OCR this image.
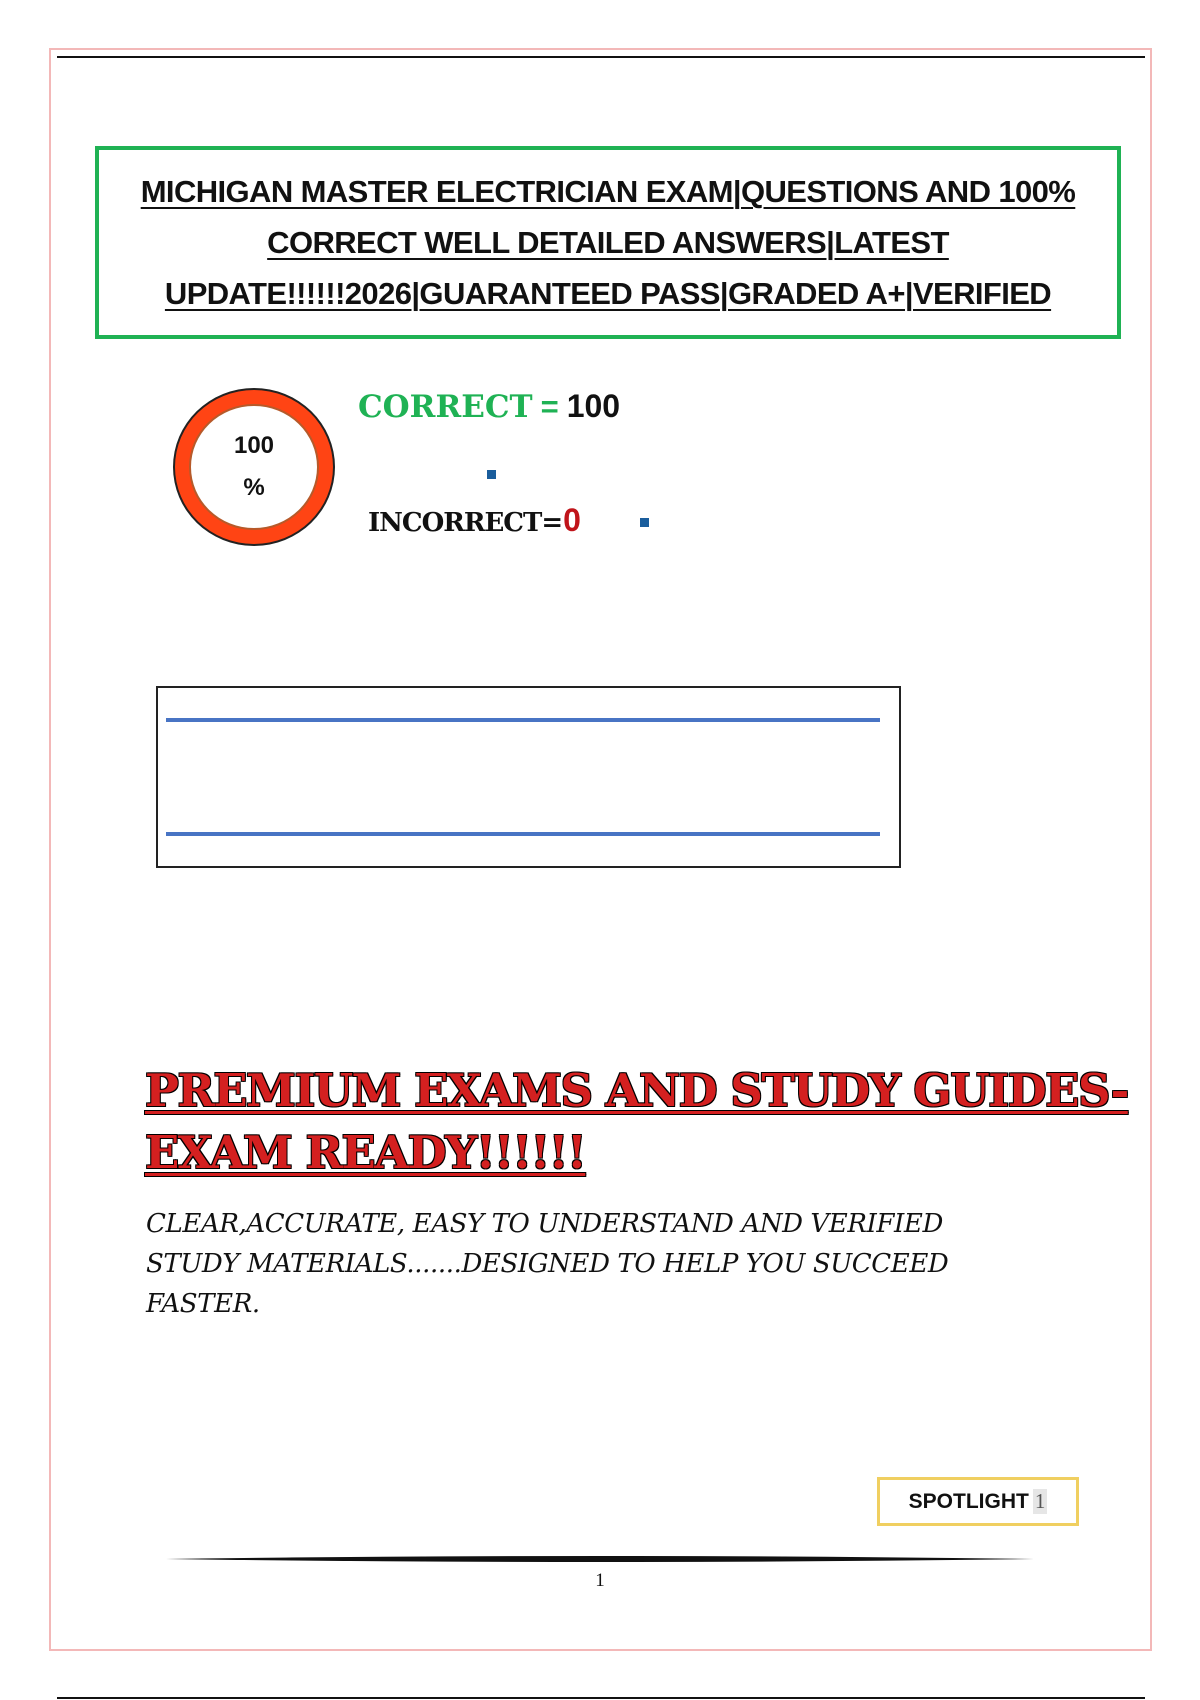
MICHIGAN MASTER ELECTRICIAN EXAM|QUESTIONS AND 100%
CORRECT WELL DETAILED ANSWERS|LATEST
UPDATE!!!!!!2026|GUARANTEED PASS|GRADED A+|VERIFIED
100
%
CORRECT = 100
INCORRECT=0
PREMIUM EXAMS AND STUDY GUIDES-
EXAM READY!!!!!!
CLEAR,ACCURATE, EASY TO UNDERSTAND AND VERIFIED
STUDY MATERIALS.......DESIGNED TO HELP YOU SUCCEED
FASTER.
SPOTLIGHT 1
1
